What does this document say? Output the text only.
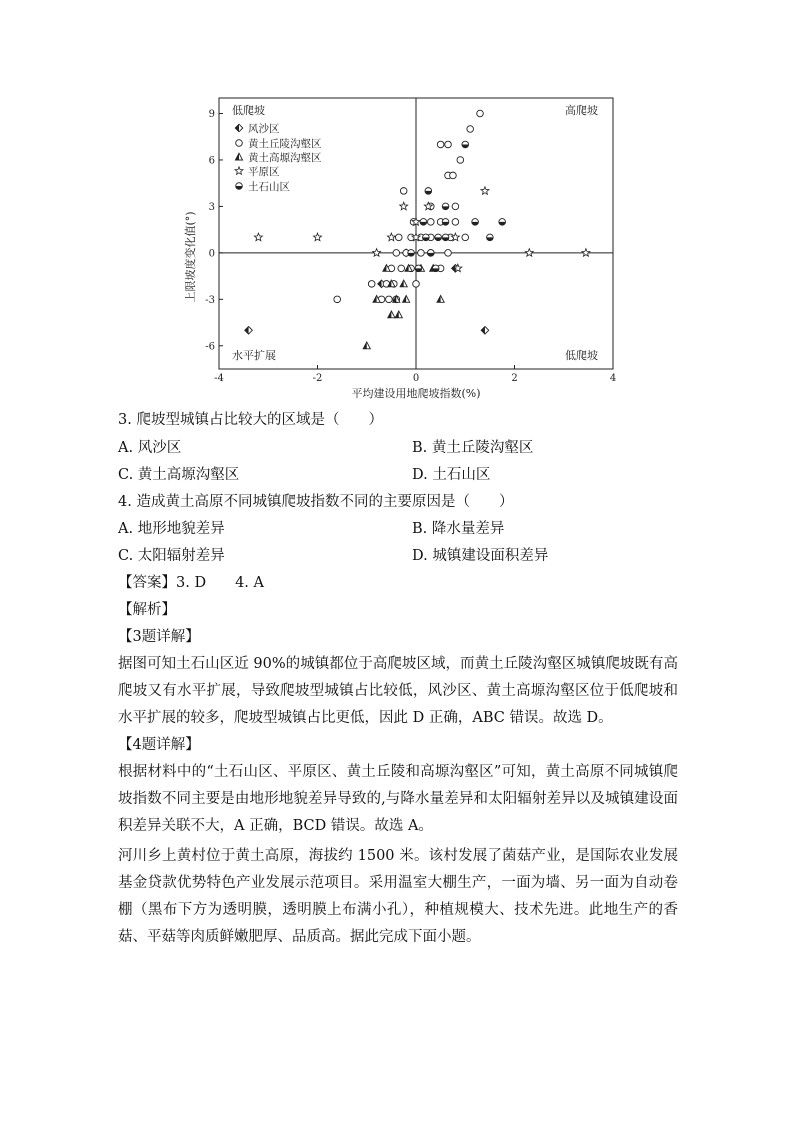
-4	-2	0	2	4
-6
-3
0
3
6
9 低爬坡	高爬坡
水平扩展	低爬坡
平均建设用地爬坡指数(%)
上限坡度变化值(°)
风沙区
黄土丘陵沟壑区
黄土高塬沟壑区
平原区
土石山区
3. 爬坡型城镇占比较大的区域是（　　）
A. 风沙区	B. 黄土丘陵沟壑区
C. 黄土高塬沟壑区	D. 土石山区
4. 造成黄土高原不同城镇爬坡指数不同的主要原因是（　　）
A. 地形地貌差异	B. 降水量差异
C. 太阳辐射差异	D. 城镇建设面积差异
【答案】3. D　　4. A
【解析】
【3题详解】
据图可知土石山区近 90%的城镇都位于高爬坡区域，而黄土丘陵沟壑区城镇爬坡既有高爬坡又有水平扩展，导致爬坡型城镇占比较低，风沙区、黄土高塬沟壑区位于低爬坡和水平扩展的较多，爬坡型城镇占比更低，因此 D 正确，ABC 错误。故选 D。
【4题详解】
根据材料中的“土石山区、平原区、黄土丘陵和高塬沟壑区”可知，黄土高原不同城镇爬坡指数不同主要是由地形地貌差异导致的,与降水量差异和太阳辐射差异以及城镇建设面积差异关联不大，A 正确，BCD 错误。故选 A。
河川乡上黄村位于黄土高原，海拔约 1500 米。该村发展了菌菇产业，是国际农业发展基金贷款优势特色产业发展示范项目。采用温室大棚生产，一面为墙、另一面为自动卷棚（黑布下方为透明膜，透明膜上布满小孔），种植规模大、技术先进。此地生产的香菇、平菇等肉质鲜嫩肥厚、品质高。据此完成下面小题。
